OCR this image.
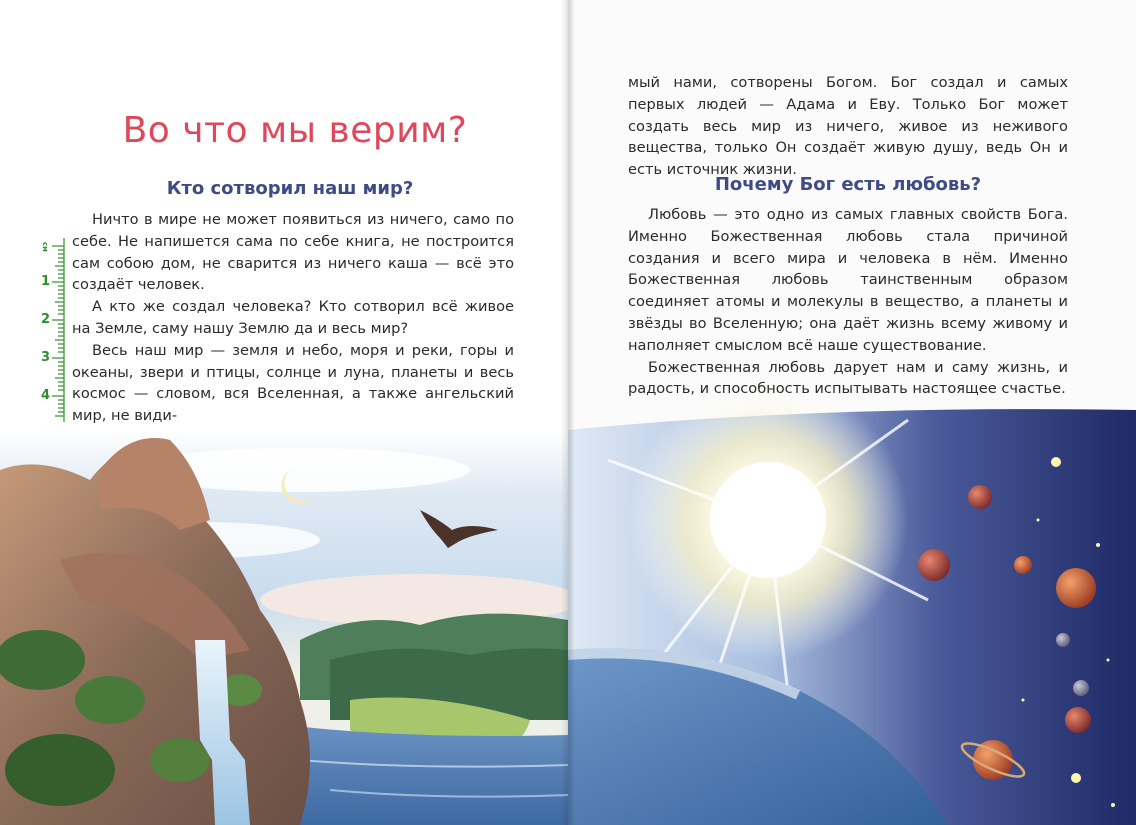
Во что мы верим?
Кто сотворил наш мир?

Ничто в мире не может появиться из ничего, само по себе. Не напишется сама по себе книга, не построится сам собою дом, не сварится из ничего каша — всё это создаёт человек.

А кто же создал человека? Кто сотворил всё живое на Земле, саму нашу Землю да и весь мир?

Весь наш мир — земля и небо, моря и реки, горы и океаны, звери и птицы, солнце и луна, планеты и весь космос — словом, вся Вселенная, а также ангельский мир, не види-

см
1
2
3
4

мый нами, сотворены Богом. Бог создал и самых первых людей — Адама и Еву. Только Бог может создать весь мир из ничего, живое из неживого вещества, только Он создаёт живую душу, ведь Он и есть источник жизни.

Почему Бог есть любовь?

Любовь — это одно из самых главных свойств Бога. Именно Божественная любовь стала причиной создания и всего мира и человека в нём. Именно Божественная любовь таинственным образом соединяет атомы и молекулы в вещество, а планеты и звёзды во Вселенную; она даёт жизнь всему живому и наполняет смыслом всё наше существование.

Божественная любовь дарует нам и саму жизнь, и радость, и способность испытывать настоящее счастье.
